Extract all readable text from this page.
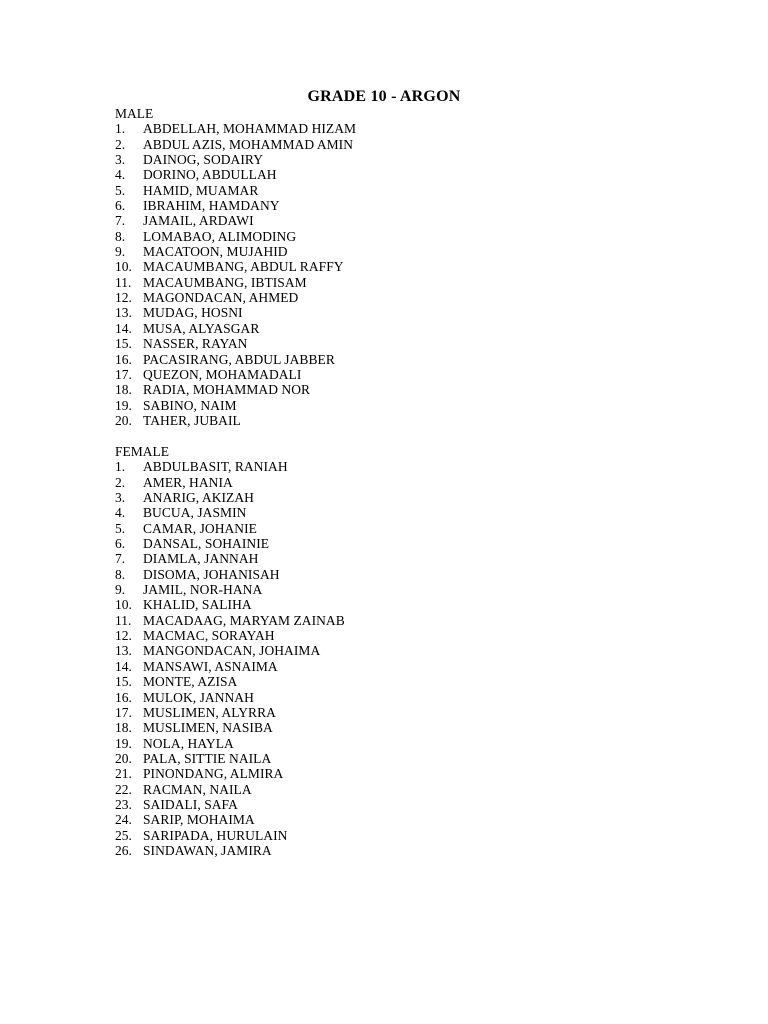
GRADE 10 - ARGON
MALE
1.	ABDELLAH, MOHAMMAD HIZAM
2.	ABDUL AZIS, MOHAMMAD AMIN
3.	DAINOG, SODAIRY
4.	DORINO, ABDULLAH
5.	HAMID, MUAMAR
6.	IBRAHIM, HAMDANY
7.	JAMAIL, ARDAWI
8.	LOMABAO, ALIMODING
9.	MACATOON, MUJAHID
10. MACAUMBANG, ABDUL RAFFY
11. MACAUMBANG, IBTISAM
12. MAGONDACAN, AHMED
13. MUDAG, HOSNI
14. MUSA, ALYASGAR
15. NASSER, RAYAN
16. PACASIRANG, ABDUL JABBER
17. QUEZON, MOHAMADALI
18. RADIA, MOHAMMAD NOR
19. SABINO, NAIM
20. TAHER, JUBAIL
FEMALE
1.	ABDULBASIT, RANIAH
2.	AMER, HANIA
3.	ANARIG, AKIZAH
4.	BUCUA, JASMIN
5.	CAMAR, JOHANIE
6.	DANSAL, SOHAINIE
7.	DIAMLA, JANNAH
8.	DISOMA, JOHANISAH
9.	JAMIL, NOR-HANA
10. KHALID, SALIHA
11. MACADAAG, MARYAM ZAINAB
12. MACMAC, SORAYAH
13. MANGONDACAN, JOHAIMA
14. MANSAWI, ASNAIMA
15. MONTE, AZISA
16. MULOK, JANNAH
17. MUSLIMEN, ALYRRA
18. MUSLIMEN, NASIBA
19. NOLA, HAYLA
20. PALA, SITTIE NAILA
21. PINONDANG, ALMIRA
22. RACMAN, NAILA
23. SAIDALI, SAFA
24. SARIP, MOHAIMA
25. SARIPADA, HURULAIN
26. SINDAWAN, JAMIRA
